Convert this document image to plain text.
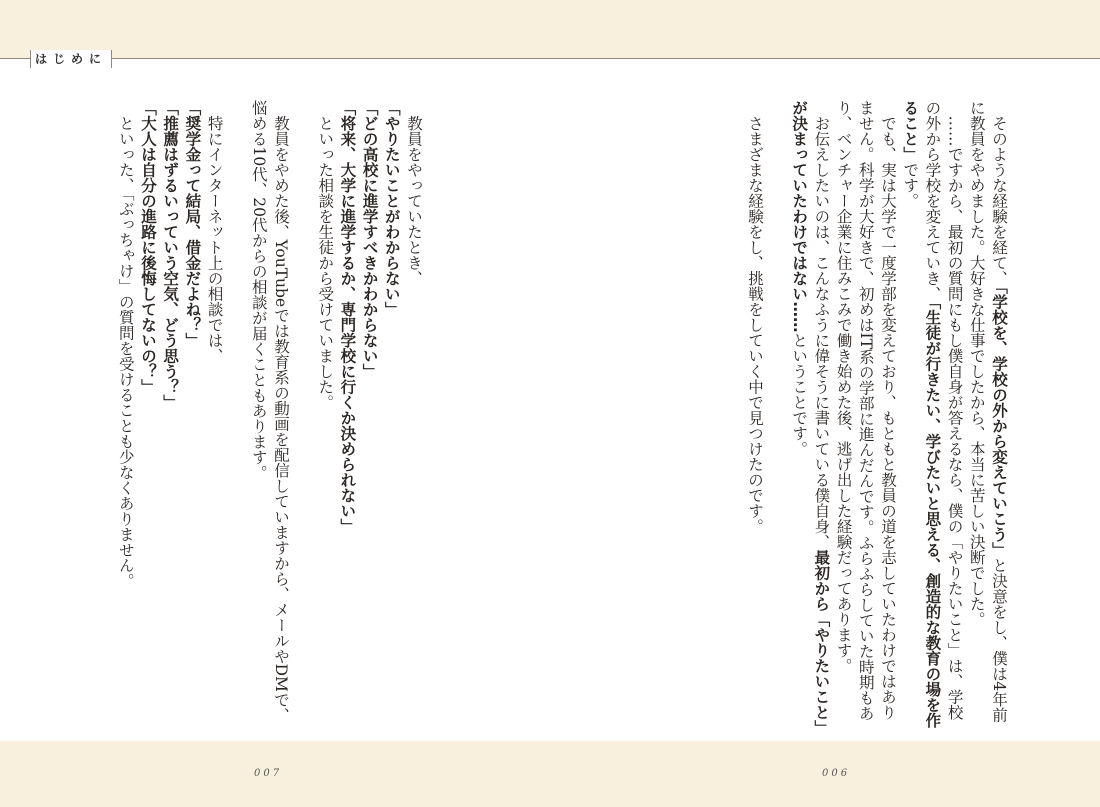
はじめに

　そのような経験を経て、「学校を、学校の外から変えていこう」と決意をし、僕は4年前に教員をやめました。大好きな仕事でしたから、本当に苦しい決断でした。

　……ですから、最初の質問にもし僕自身が答えるなら、僕の「やりたいこと」は、学校の外から学校を変えていき、「生徒が行きたい、学びたいと思える、創造的な教育の場を作ること」です。

　でも、実は大学で一度学部を変えており、もともと教員の道を志していたわけではありません。科学が大好きで、初めはIT系の学部に進んだんです。ふらふらしていた時期もあり、ベンチャー企業に住みこみで働き始めた後、逃げ出した経験だってあります。

　お伝えしたいのは、こんなふうに偉そうに書いている僕自身、最初から「やりたいこと」が決まっていたわけではない……ということです。

　さまざまな経験をし、挑戦をしていく中で見つけたのです。

　教員をやっていたとき、

「やりたいことがわからない」

「どの高校に進学すべきかわからない」

「将来、大学に進学するか、専門学校に行くか決められない」

　といった相談を生徒から受けていました。

　教員をやめた後、YouTubeでは教育系の動画を配信していますから、メールやDMで、悩める10代、20代からの相談が届くこともあります。

　特にインターネット上の相談では、

「奨学金って結局、借金だよね？」

「推薦はずるいっていう空気、どう思う？」

「大人は自分の進路に後悔してないの？」

　といった、「ぶっちゃけ」の質問を受けることも少なくありません。

007	006
